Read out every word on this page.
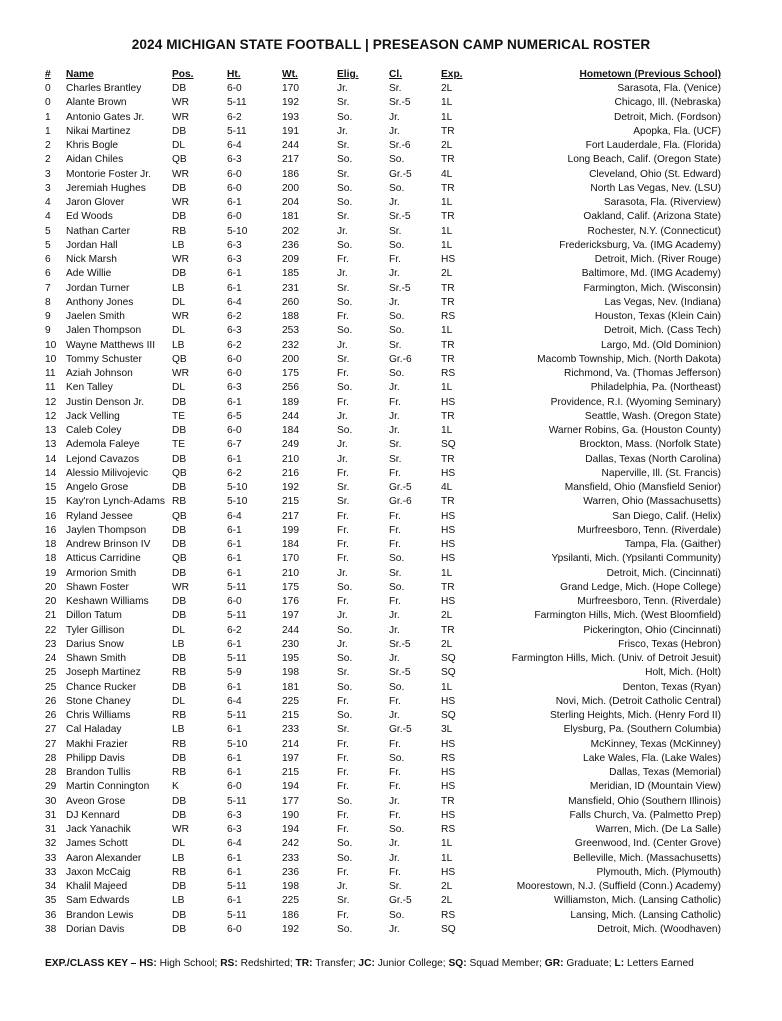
2024 MICHIGAN STATE FOOTBALL | PRESEASON CAMP NUMERICAL ROSTER
#	Name	Pos.	Ht.	Wt.	Elig.	Cl.	Exp.	Hometown (Previous School)
0	Charles Brantley	DB	6-0	170	Jr.	Sr.	2L	Sarasota, Fla. (Venice)
0	Alante Brown	WR	5-11	192	Sr.	Sr.-5	1L	Chicago, Ill. (Nebraska)
1	Antonio Gates Jr.	WR	6-2	193	So.	Jr.	1L	Detroit, Mich. (Fordson)
1	Nikai Martinez	DB	5-11	191	Jr.	Jr.	TR	Apopka, Fla. (UCF)
2	Khris Bogle	DL	6-4	244	Sr.	Sr.-6	2L	Fort Lauderdale, Fla. (Florida)
2	Aidan Chiles	QB	6-3	217	So.	So.	TR	Long Beach, Calif. (Oregon State)
3	Montorie Foster Jr.	WR	6-0	186	Sr.	Gr.-5	4L	Cleveland, Ohio (St. Edward)
3	Jeremiah Hughes	DB	6-0	200	So.	So.	TR	North Las Vegas, Nev. (LSU)
4	Jaron Glover	WR	6-1	204	So.	Jr.	1L	Sarasota, Fla. (Riverview)
4	Ed Woods	DB	6-0	181	Sr.	Sr.-5	TR	Oakland, Calif. (Arizona State)
5	Nathan Carter	RB	5-10	202	Jr.	Sr.	1L	Rochester, N.Y. (Connecticut)
5	Jordan Hall	LB	6-3	236	So.	So.	1L	Fredericksburg, Va. (IMG Academy)
6	Nick Marsh	WR	6-3	209	Fr.	Fr.	HS	Detroit, Mich. (River Rouge)
6	Ade Willie	DB	6-1	185	Jr.	Jr.	2L	Baltimore, Md. (IMG Academy)
7	Jordan Turner	LB	6-1	231	Sr.	Sr.-5	TR	Farmington, Mich. (Wisconsin)
8	Anthony Jones	DL	6-4	260	So.	Jr.	TR	Las Vegas, Nev. (Indiana)
9	Jaelen Smith	WR	6-2	188	Fr.	So.	RS	Houston, Texas (Klein Cain)
9	Jalen Thompson	DL	6-3	253	So.	So.	1L	Detroit, Mich. (Cass Tech)
10	Wayne Matthews III	LB	6-2	232	Jr.	Sr.	TR	Largo, Md. (Old Dominion)
10	Tommy Schuster	QB	6-0	200	Sr.	Gr.-6	TR	Macomb Township, Mich. (North Dakota)
11	Aziah Johnson	WR	6-0	175	Fr.	So.	RS	Richmond, Va. (Thomas Jefferson)
11	Ken Talley	DL	6-3	256	So.	Jr.	1L	Philadelphia, Pa. (Northeast)
12	Justin Denson Jr.	DB	6-1	189	Fr.	Fr.	HS	Providence, R.I. (Wyoming Seminary)
12	Jack Velling	TE	6-5	244	Jr.	Jr.	TR	Seattle, Wash. (Oregon State)
13	Caleb Coley	DB	6-0	184	So.	Jr.	1L	Warner Robins, Ga. (Houston County)
13	Ademola Faleye	TE	6-7	249	Jr.	Sr.	SQ	Brockton, Mass. (Norfolk State)
14	Lejond Cavazos	DB	6-1	210	Jr.	Sr.	TR	Dallas, Texas (North Carolina)
14	Alessio Milivojevic	QB	6-2	216	Fr.	Fr.	HS	Naperville, Ill. (St. Francis)
15	Angelo Grose	DB	5-10	192	Sr.	Gr.-5	4L	Mansfield, Ohio (Mansfield Senior)
15	Kay'ron Lynch-Adams	RB	5-10	215	Sr.	Gr.-6	TR	Warren, Ohio (Massachusetts)
16	Ryland Jessee	QB	6-4	217	Fr.	Fr.	HS	San Diego, Calif. (Helix)
16	Jaylen Thompson	DB	6-1	199	Fr.	Fr.	HS	Murfreesboro, Tenn. (Riverdale)
18	Andrew Brinson IV	DB	6-1	184	Fr.	Fr.	HS	Tampa, Fla. (Gaither)
18	Atticus Carridine	QB	6-1	170	Fr.	So.	HS	Ypsilanti, Mich. (Ypsilanti Community)
19	Armorion Smith	DB	6-1	210	Jr.	Sr.	1L	Detroit, Mich. (Cincinnati)
20	Shawn Foster	WR	5-11	175	So.	So.	TR	Grand Ledge, Mich. (Hope College)
20	Keshawn Williams	DB	6-0	176	Fr.	Fr.	HS	Murfreesboro, Tenn. (Riverdale)
21	Dillon Tatum	DB	5-11	197	Jr.	Jr.	2L	Farmington Hills, Mich. (West Bloomfield)
22	Tyler Gillison	DL	6-2	244	So.	Jr.	TR	Pickerington, Ohio (Cincinnati)
23	Darius Snow	LB	6-1	230	Jr.	Sr.-5	2L	Frisco, Texas (Hebron)
24	Shawn Smith	DB	5-11	195	So.	Jr.	SQ	Farmington Hills, Mich. (Univ. of Detroit Jesuit)
25	Joseph Martinez	RB	5-9	198	Sr.	Sr.-5	SQ	Holt, Mich. (Holt)
25	Chance Rucker	DB	6-1	181	So.	So.	1L	Denton, Texas (Ryan)
26	Stone Chaney	DL	6-4	225	Fr.	Fr.	HS	Novi, Mich. (Detroit Catholic Central)
26	Chris Williams	RB	5-11	215	So.	Jr.	SQ	Sterling Heights, Mich. (Henry Ford II)
27	Cal Haladay	LB	6-1	233	Sr.	Gr.-5	3L	Elysburg, Pa. (Southern Columbia)
27	Makhi Frazier	RB	5-10	214	Fr.	Fr.	HS	McKinney, Texas (McKinney)
28	Philipp Davis	DB	6-1	197	Fr.	So.	RS	Lake Wales, Fla. (Lake Wales)
28	Brandon Tullis	RB	6-1	215	Fr.	Fr.	HS	Dallas, Texas (Memorial)
29	Martin Connington	K	6-0	194	Fr.	Fr.	HS	Meridian, ID (Mountain View)
30	Aveon Grose	DB	5-11	177	So.	Jr.	TR	Mansfield, Ohio (Southern Illinois)
31	DJ Kennard	DB	6-3	190	Fr.	Fr.	HS	Falls Church, Va. (Palmetto Prep)
31	Jack Yanachik	WR	6-3	194	Fr.	So.	RS	Warren, Mich. (De La Salle)
32	James Schott	DL	6-4	242	So.	Jr.	1L	Greenwood, Ind. (Center Grove)
33	Aaron Alexander	LB	6-1	233	So.	Jr.	1L	Belleville, Mich. (Massachusetts)
33	Jaxon McCaig	RB	6-1	236	Fr.	Fr.	HS	Plymouth, Mich. (Plymouth)
34	Khalil Majeed	DB	5-11	198	Jr.	Sr.	2L	Moorestown, N.J. (Suffield (Conn.) Academy)
35	Sam Edwards	LB	6-1	225	Sr.	Gr.-5	2L	Williamston, Mich. (Lansing Catholic)
36	Brandon Lewis	DB	5-11	186	Fr.	So.	RS	Lansing, Mich. (Lansing Catholic)
38	Dorian Davis	DB	6-0	192	So.	Jr.	SQ	Detroit, Mich. (Woodhaven)
EXP./CLASS KEY – HS: High School; RS: Redshirted; TR: Transfer; JC: Junior College; SQ: Squad Member; GR: Graduate; L: Letters Earned
